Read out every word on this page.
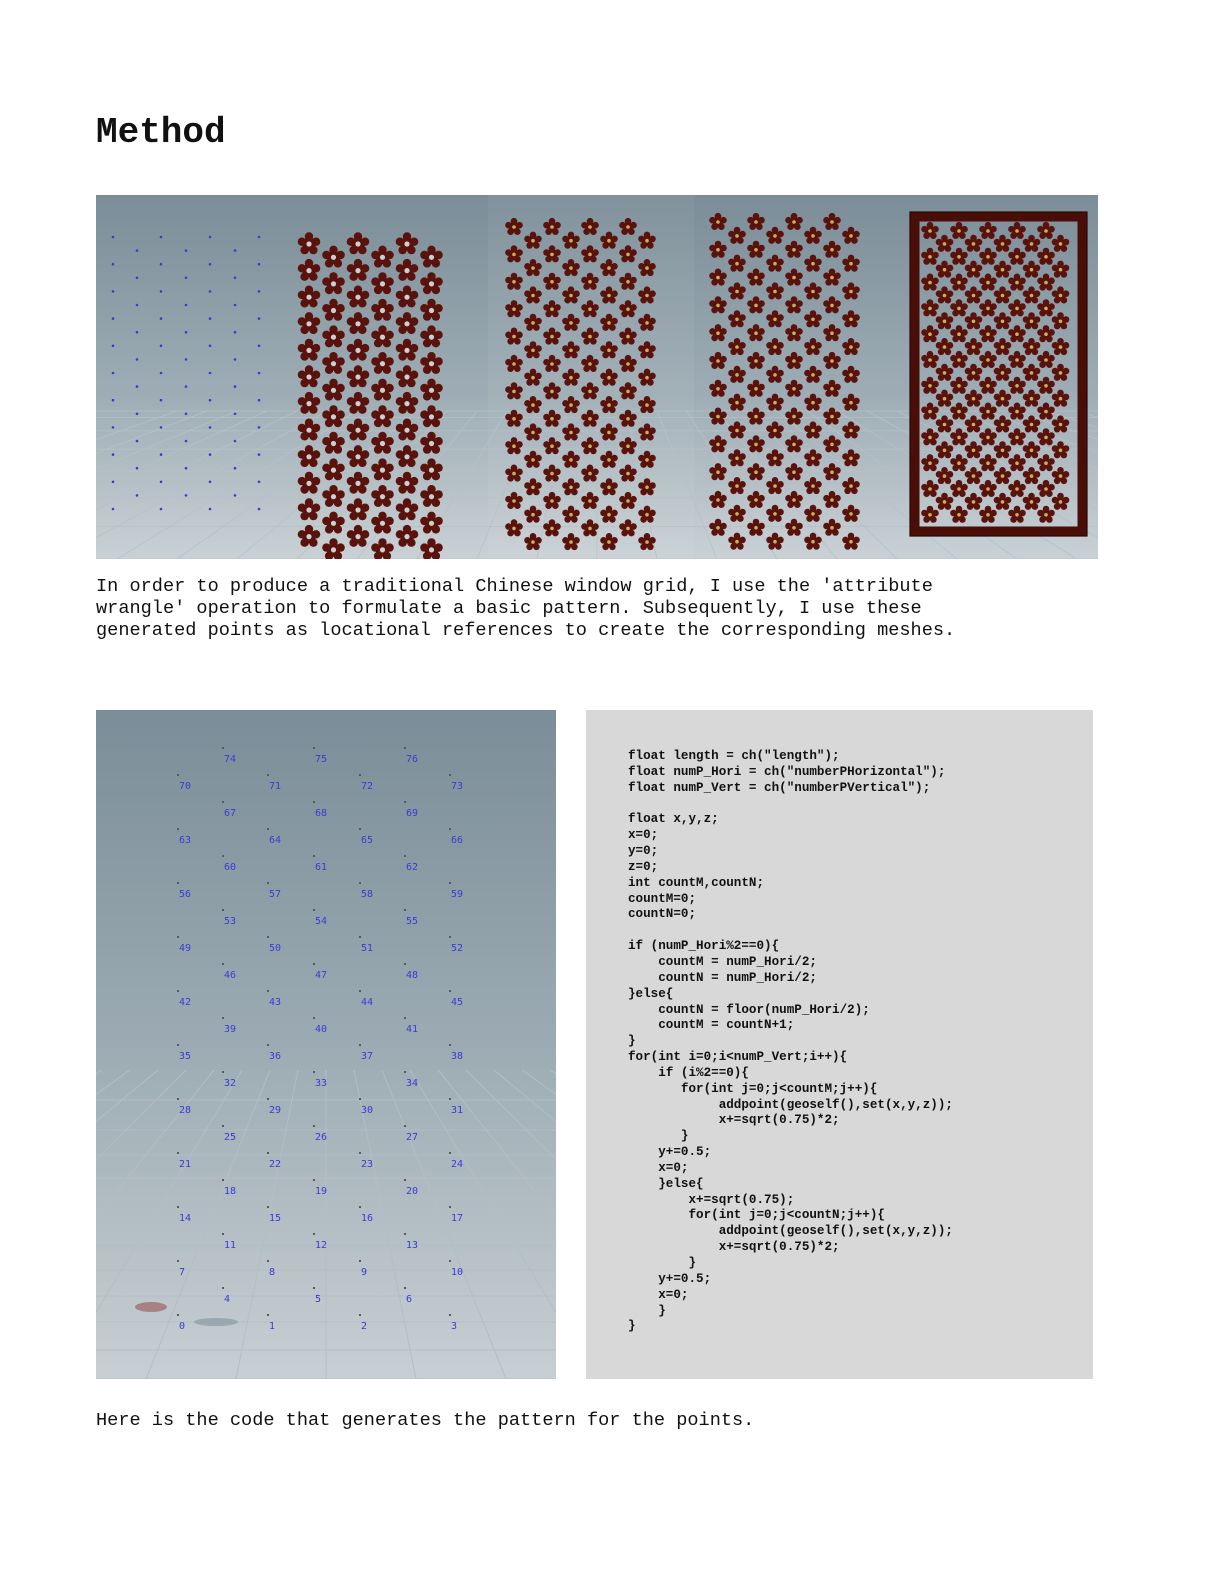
Method
In order to produce a traditional Chinese window grid, I use the 'attribute
wrangle' operation to formulate a basic pattern. Subsequently, I use these
generated points as locational references to create the corresponding meshes.
0	1	2	3
4	5	6
7	8	9	10
11	12	13
14	15	16	17
18	19	20
21	22	23	24
25	26	27
28	29	30	31
32	33	34
35	36	37	38
39	40	41
42	43	44	45
46	47	48
49	50	51	52
53	54	55
56	57	58	59
60	61	62
63	64	65	66
67	68	69
70	71	72	73
74	75	76	float length = ch("length");
float numP_Hori = ch("numberPHorizontal");
float numP_Vert = ch("numberPVertical");

float x,y,z;
x=0;
y=0;
z=0;
int countM,countN;
countM=0;
countN=0;

if (numP_Hori%2==0){
countM = numP_Hori/2;
countN = numP_Hori/2;
}else{
countN = floor(numP_Hori/2);
countM = countN+1;
}
for(int i=0;i<numP_Vert;i++){
if (i%2==0){
for(int j=0;j<countM;j++){
addpoint(geoself(),set(x,y,z));
x+=sqrt(0.75)*2;
}
y+=0.5;
x=0;
}else{
x+=sqrt(0.75);
for(int j=0;j<countN;j++){
addpoint(geoself(),set(x,y,z));
x+=sqrt(0.75)*2;
}
y+=0.5;
x=0;
}
}
Here is the code that generates the pattern for the points.
